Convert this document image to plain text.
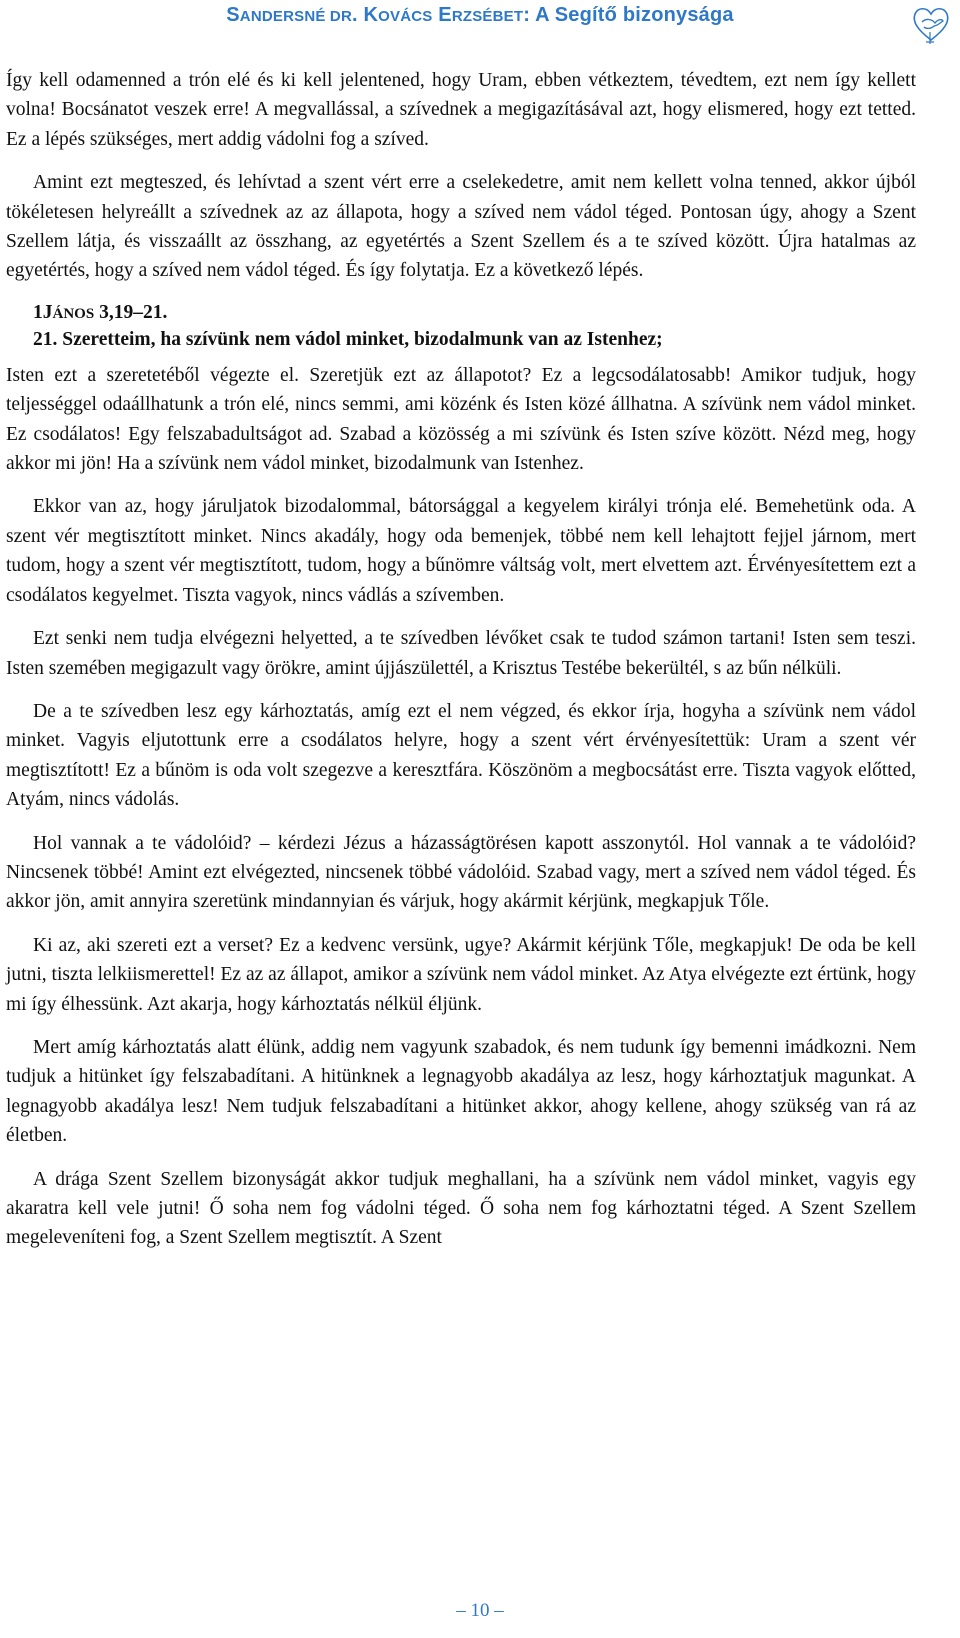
SANDERSNÉ DR. KOVÁCS ERZSÉBET: A Segítő bizonysága

Így kell odamenned a trón elé és ki kell jelentened, hogy Uram, ebben vétkeztem, tévedtem, ezt nem így kellett volna! Bocsánatot veszek erre! A megvallással, a szívednek a megigazításával azt, hogy elismered, hogy ezt tetted. Ez a lépés szükséges, mert addig vádolni fog a szíved.

Amint ezt megteszed, és lehívtad a szent vért erre a cselekedetre, amit nem kellett volna tenned, akkor újból tökéletesen helyreállt a szívednek az az állapota, hogy a szíved nem vádol téged. Pontosan úgy, ahogy a Szent Szellem látja, és visszaállt az összhang, az egyetértés a Szent Szellem és a te szíved között. Újra hatalmas az egyetértés, hogy a szíved nem vádol téged. És így folytatja. Ez a következő lépés.

1JÁNOS 3,19–21.
21. Szeretteim, ha szívünk nem vádol minket, bizodalmunk van az Istenhez;

Isten ezt a szeretetéből végezte el. Szeretjük ezt az állapotot? Ez a legcsodálatosabb! Amikor tudjuk, hogy teljességgel odaállhatunk a trón elé, nincs semmi, ami közénk és Isten közé állhatna. A szívünk nem vádol minket. Ez csodálatos! Egy felszabadultságot ad. Szabad a közösség a mi szívünk és Isten szíve között. Nézd meg, hogy akkor mi jön! Ha a szívünk nem vádol minket, bizodalmunk van Istenhez.

Ekkor van az, hogy járuljatok bizodalommal, bátorsággal a kegyelem királyi trónja elé. Bemehetünk oda. A szent vér megtisztított minket. Nincs akadály, hogy oda bemenjek, többé nem kell lehajtott fejjel járnom, mert tudom, hogy a szent vér megtisztított, tudom, hogy a bűnömre váltság volt, mert elvettem azt. Érvényesítettem ezt a csodálatos kegyelmet. Tiszta vagyok, nincs vádlás a szívemben.

Ezt senki nem tudja elvégezni helyetted, a te szívedben lévőket csak te tudod számon tartani! Isten sem teszi. Isten szemében megigazult vagy örökre, amint újjászülettél, a Krisztus Testébe bekerültél, s az bűn nélküli.

De a te szívedben lesz egy kárhoztatás, amíg ezt el nem végzed, és ekkor írja, hogyha a szívünk nem vádol minket. Vagyis eljutottunk erre a csodálatos helyre, hogy a szent vért érvényesítettük: Uram a szent vér megtisztított! Ez a bűnöm is oda volt szegezve a keresztfára. Köszönöm a megbocsátást erre. Tiszta vagyok előtted, Atyám, nincs vádolás.

Hol vannak a te vádolóid? – kérdezi Jézus a házasságtörésen kapott asszonytól. Hol vannak a te vádolóid? Nincsenek többé! Amint ezt elvégezted, nincsenek többé vádolóid. Szabad vagy, mert a szíved nem vádol téged. És akkor jön, amit annyira szeretünk mindannyian és várjuk, hogy akármit kérjünk, megkapjuk Tőle.

Ki az, aki szereti ezt a verset? Ez a kedvenc versünk, ugye? Akármit kérjünk Tőle, megkapjuk! De oda be kell jutni, tiszta lelkiismerettel! Ez az az állapot, amikor a szívünk nem vádol minket. Az Atya elvégezte ezt értünk, hogy mi így élhessünk. Azt akarja, hogy kárhoztatás nélkül éljünk.

Mert amíg kárhoztatás alatt élünk, addig nem vagyunk szabadok, és nem tudunk így bemenni imádkozni. Nem tudjuk a hitünket így felszabadítani. A hitünknek a legnagyobb akadálya az lesz, hogy kárhoztatjuk magunkat. A legnagyobb akadálya lesz! Nem tudjuk felszabadítani a hitünket akkor, ahogy kellene, ahogy szükség van rá az életben.

A drága Szent Szellem bizonyságát akkor tudjuk meghallani, ha a szívünk nem vádol minket, vagyis egy akaratra kell vele jutni! Ő soha nem fog vádolni téged. Ő soha nem fog kárhoztatni téged. A Szent Szellem megeleveníteni fog, a Szent Szellem megtisztít. A Szent

– 10 –
